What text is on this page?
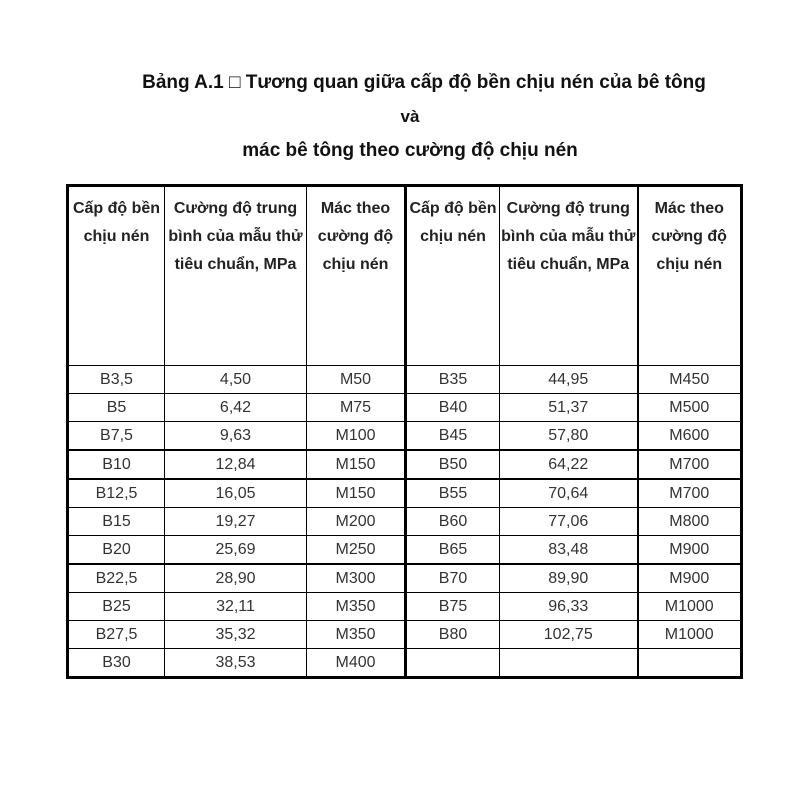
Bảng A.1 □ Tương quan giữa cấp độ bền chịu nén của bê tông
và
mác bê tông theo cường độ chịu nén
Cấp độ bền chịu nén	Cường độ trung bình của mẫu thử tiêu chuẩn, MPa	Mác theo cường độ chịu nén	Cấp độ bền chịu nén	Cường độ trung bình của mẫu thử tiêu chuẩn, MPa	Mác theo cường độ chịu nén
B3,5	4,50	M50	B35	44,95	M450
B5	6,42	M75	B40	51,37	M500
B7,5	9,63	M100	B45	57,80	M600
B10	12,84	M150	B50	64,22	M700
B12,5	16,05	M150	B55	70,64	M700
B15	19,27	M200	B60	77,06	M800
B20	25,69	M250	B65	83,48	M900
B22,5	28,90	M300	B70	89,90	M900
B25	32,11	M350	B75	96,33	M1000
B27,5	35,32	M350	B80	102,75	M1000
B30	38,53	M400			
